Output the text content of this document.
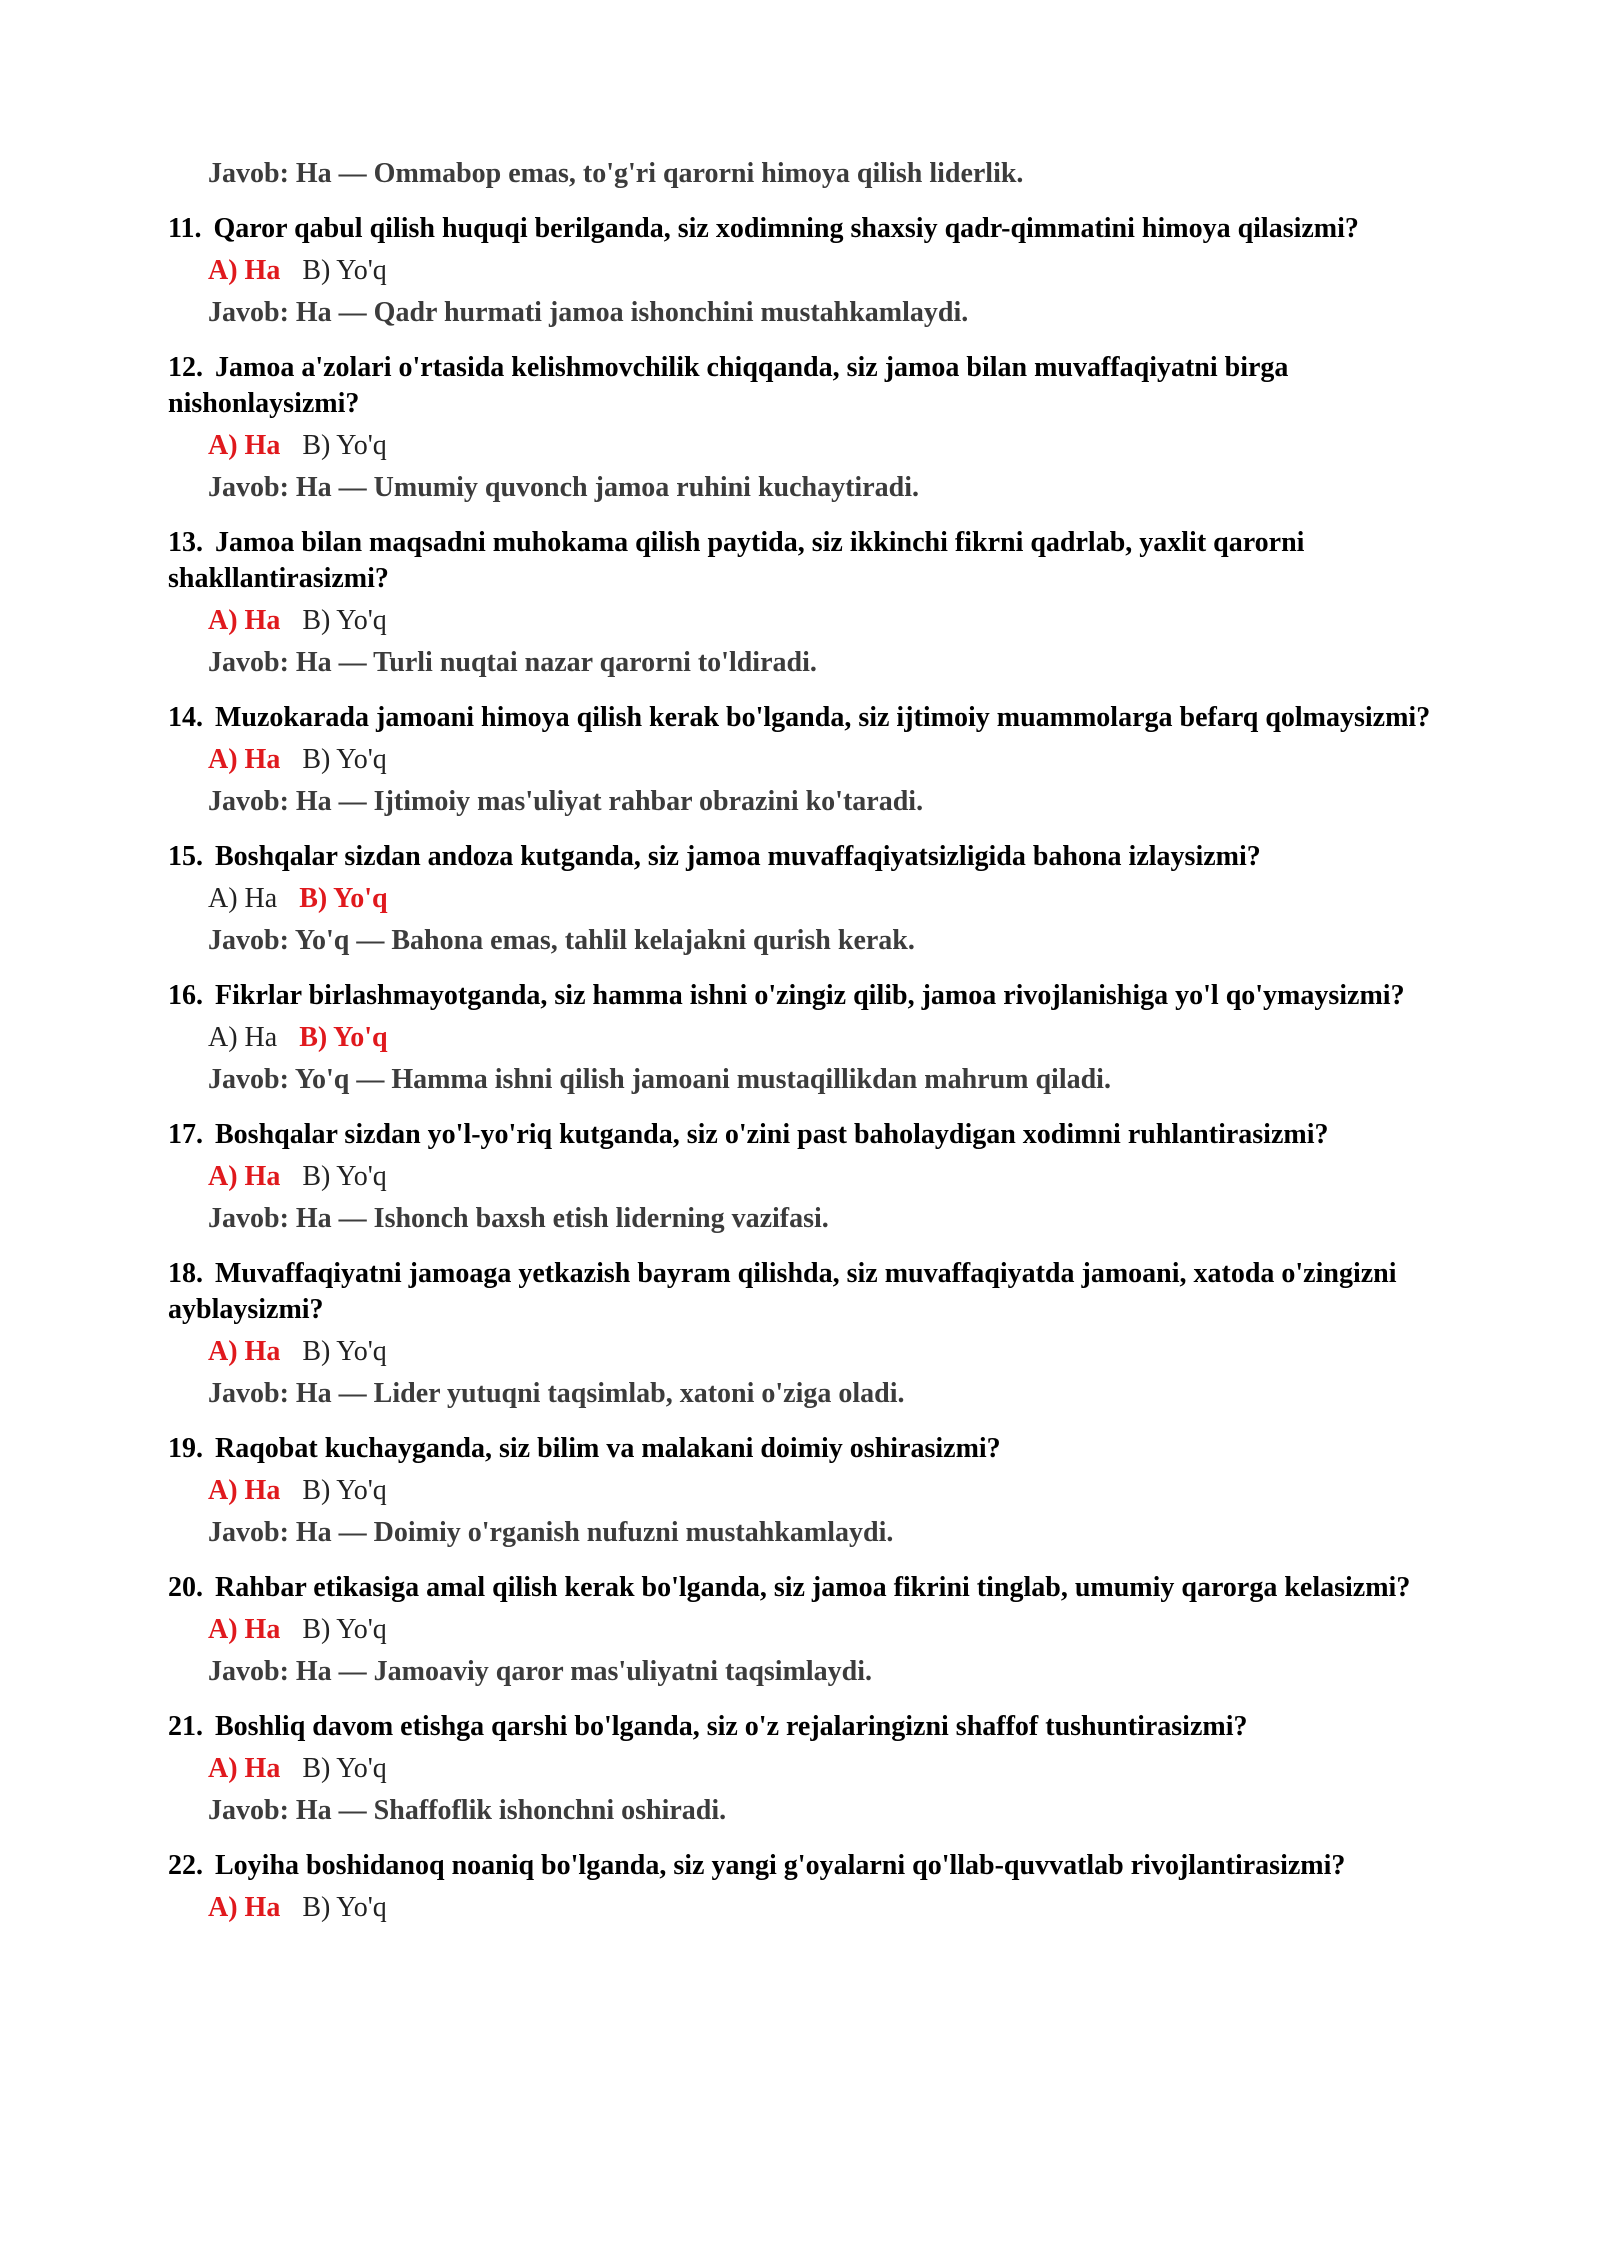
Javob: Ha — Ommabop emas, to'g'ri qarorni himoya qilish liderlik.
11. Qaror qabul qilish huquqi berilganda, siz xodimning shaxsiy qadr-qimmatini himoya qilasizmi?
A) Ha B) Yo'q
Javob: Ha — Qadr hurmati jamoa ishonchini mustahkamlaydi.
12. Jamoa a'zolari o'rtasida kelishmovchilik chiqqanda, siz jamoa bilan muvaffaqiyatni birga nishonlaysizmi?
A) Ha B) Yo'q
Javob: Ha — Umumiy quvonch jamoa ruhini kuchaytiradi.
13. Jamoa bilan maqsadni muhokama qilish paytida, siz ikkinchi fikrni qadrlab, yaxlit qarorni shakllantirasizmi?
A) Ha B) Yo'q
Javob: Ha — Turli nuqtai nazar qarorni to'ldiradi.
14. Muzokarada jamoani himoya qilish kerak bo'lganda, siz ijtimoiy muammolarga befarq qolmaysizmi?
A) Ha B) Yo'q
Javob: Ha — Ijtimoiy mas'uliyat rahbar obrazini ko'taradi.
15. Boshqalar sizdan andoza kutganda, siz jamoa muvaffaqiyatsizligida bahona izlaysizmi?
A) Ha B) Yo'q
Javob: Yo'q — Bahona emas, tahlil kelajakni qurish kerak.
16. Fikrlar birlashmayotganda, siz hamma ishni o'zingiz qilib, jamoa rivojlanishiga yo'l qo'ymaysizmi?
A) Ha B) Yo'q
Javob: Yo'q — Hamma ishni qilish jamoani mustaqillikdan mahrum qiladi.
17. Boshqalar sizdan yo'l-yo'riq kutganda, siz o'zini past baholaydigan xodimni ruhlantirasizmi?
A) Ha B) Yo'q
Javob: Ha — Ishonch baxsh etish liderning vazifasi.
18. Muvaffaqiyatni jamoaga yetkazish bayram qilishda, siz muvaffaqiyatda jamoani, xatoda o'zingizni ayblaysizmi?
A) Ha B) Yo'q
Javob: Ha — Lider yutuqni taqsimlab, xatoni o'ziga oladi.
19. Raqobat kuchayganda, siz bilim va malakani doimiy oshirasizmi?
A) Ha B) Yo'q
Javob: Ha — Doimiy o'rganish nufuzni mustahkamlaydi.
20. Rahbar etikasiga amal qilish kerak bo'lganda, siz jamoa fikrini tinglab, umumiy qarorga kelasizmi?
A) Ha B) Yo'q
Javob: Ha — Jamoaviy qaror mas'uliyatni taqsimlaydi.
21. Boshliq davom etishga qarshi bo'lganda, siz o'z rejalaringizni shaffof tushuntirasizmi?
A) Ha B) Yo'q
Javob: Ha — Shaffoflik ishonchni oshiradi.
22. Loyiha boshidanoq noaniq bo'lganda, siz yangi g'oyalarni qo'llab-quvvatlab rivojlantirasizmi?
A) Ha B) Yo'q
